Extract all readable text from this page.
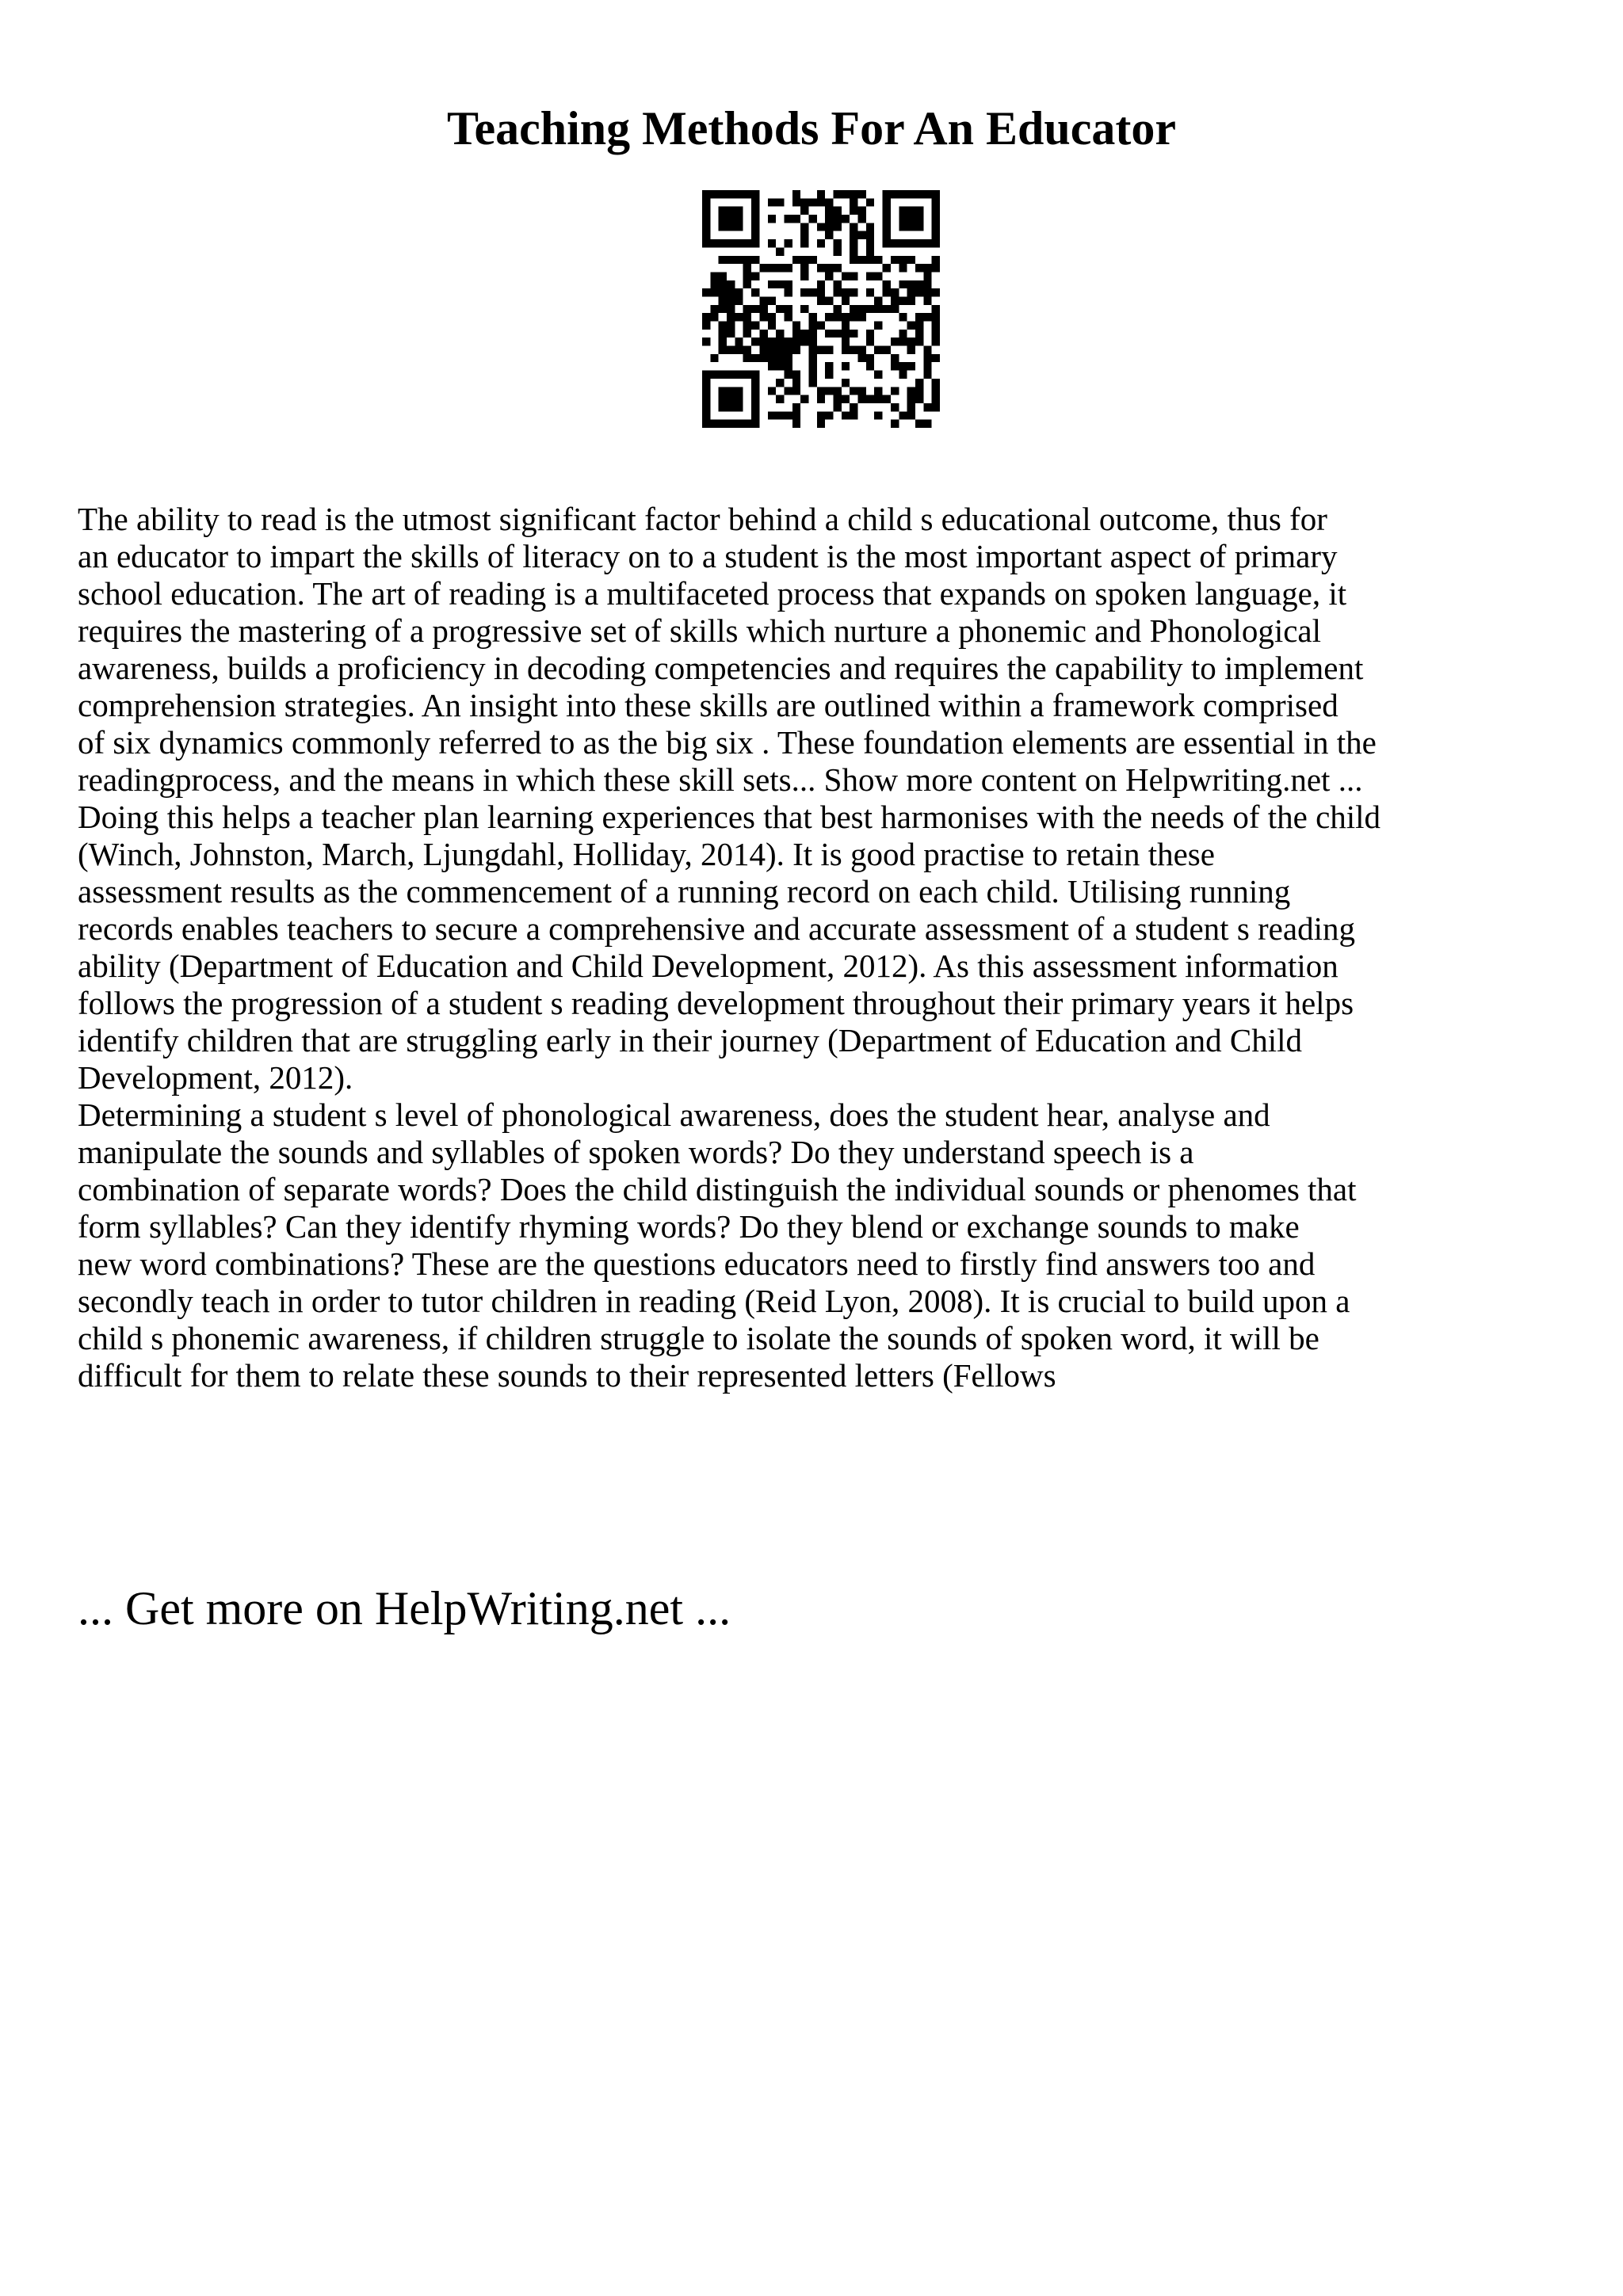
Teaching Methods For An Educator
The ability to read is the utmost significant factor behind a child s educational outcome, thus for
an educator to impart the skills of literacy on to a student is the most important aspect of primary
school education. The art of reading is a multifaceted process that expands on spoken language, it
requires the mastering of a progressive set of skills which nurture a phonemic and Phonological
awareness, builds a proficiency in decoding competencies and requires the capability to implement
comprehension strategies. An insight into these skills are outlined within a framework comprised
of six dynamics commonly referred to as the big six . These foundation elements are essential in the
readingprocess, and the means in which these skill sets... Show more content on Helpwriting.net ...
Doing this helps a teacher plan learning experiences that best harmonises with the needs of the child
(Winch, Johnston, March, Ljungdahl, Holliday, 2014). It is good practise to retain these
assessment results as the commencement of a running record on each child. Utilising running
records enables teachers to secure a comprehensive and accurate assessment of a student s reading
ability (Department of Education and Child Development, 2012). As this assessment information
follows the progression of a student s reading development throughout their primary years it helps
identify children that are struggling early in their journey (Department of Education and Child
Development, 2012).
Determining a student s level of phonological awareness, does the student hear, analyse and
manipulate the sounds and syllables of spoken words? Do they understand speech is a
combination of separate words? Does the child distinguish the individual sounds or phenomes that
form syllables? Can they identify rhyming words? Do they blend or exchange sounds to make
new word combinations? These are the questions educators need to firstly find answers too and
secondly teach in order to tutor children in reading (Reid Lyon, 2008). It is crucial to build upon a
child s phonemic awareness, if children struggle to isolate the sounds of spoken word, it will be
difficult for them to relate these sounds to their represented letters (Fellows

... Get more on HelpWriting.net ...
